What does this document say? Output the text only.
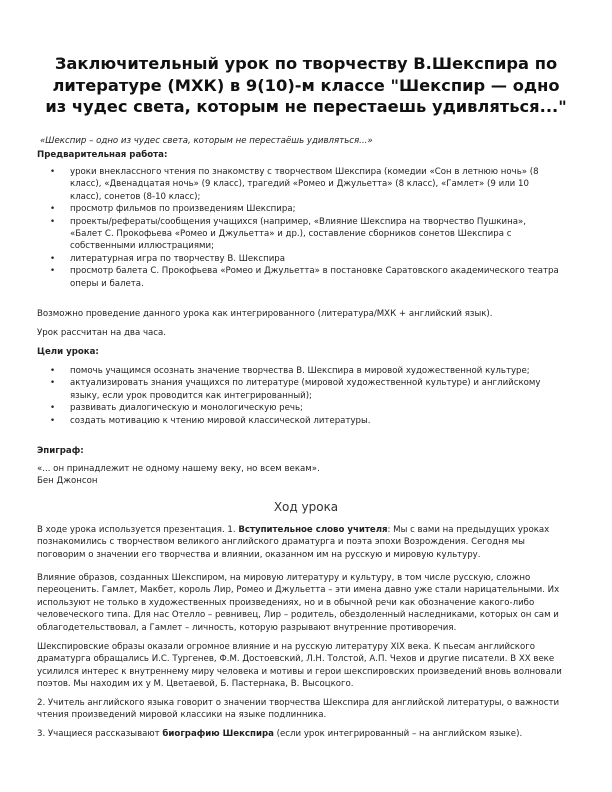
Заключительный урок по творчеству В.Шекспира по литературе (МХК) в 9(10)-м классе "Шекспир — одно из чудес света, которым не перестаешь удивляться..."
«Шекспир – одно из чудес света, которым не перестаёшь удивляться...»
Предварительная работа:
• уроки внеклассного чтения по знакомству с творчеством Шекспира (комедии «Сон в летнюю ночь» (8 класс), «Двенадцатая ночь» (9 класс), трагедий «Ромео и Джульетта» (8 класс), «Гамлет» (9 или 10 класс), сонетов (8-10 класс);
• просмотр фильмов по произведениям Шекспира;
• проекты/рефераты/сообщения учащихся (например, «Влияние Шекспира на творчество Пушкина», «Балет С. Прокофьева «Ромео и Джульетта» и др.), составление сборников сонетов Шекспира с собственными иллюстрациями;
• литературная игра по творчеству В. Шекспира
• просмотр балета С. Прокофьева «Ромео и Джульетта» в постановке Саратовского академического театра оперы и балета.
Возможно проведение данного урока как интегрированного (литература/МХК + английский язык).
Урок рассчитан на два часа.
Цели урока:
• помочь учащимся осознать значение творчества В. Шекспира в мировой художественной культуре;
• актуализировать знания учащихся по литературе (мировой художественной культуре) и английскому языку, если урок проводится как интегрированный);
• развивать диалогическую и монологическую речь;
• создать мотивацию к чтению мировой классической литературы.
Эпиграф:
«... он принадлежит не одному нашему веку, но всем векам».
Бен Джонсон
Ход урока

В ходе урока используется презентация. 1. Вступительное слово учителя: Мы с вами на предыдущих уроках познакомились с творчеством великого английского драматурга и поэта эпохи Возрождения. Сегодня мы поговорим о значении его творчества и влиянии, оказанном им на русскую и мировую культуру.

Влияние образов, созданных Шекспиром, на мировую литературу и культуру, в том числе русскую, сложно переоценить. Гамлет, Макбет, король Лир, Ромео и Джульетта – эти имена давно уже стали нарицательными. Их используют не только в художественных произведениях, но и в обычной речи как обозначение какого-либо человеческого типа. Для нас Отелло – ревнивец, Лир – родитель, обездоленный наследниками, которых он сам и облагодетельствовал, а Гамлет – личность, которую разрывают внутренние противоречия.

Шекспировские образы оказали огромное влияние и на русскую литературу XIX века. К пьесам английского драматурга обращались И.С. Тургенев, Ф.М. Достоевский, Л.Н. Толстой, А.П. Чехов и другие писатели. В XX веке усилился интерес к внутреннему миру человека и мотивы и герои шекспировских произведений вновь волновали поэтов. Мы находим их у М. Цветаевой, Б. Пастернака, В. Высоцкого.

2. Учитель английского языка говорит о значении творчества Шекспира для английской литературы, о важности чтения произведений мировой классики на языке подлинника.

3. Учащиеся рассказывают биографию Шекспира (если урок интегрированный – на английском языке).
